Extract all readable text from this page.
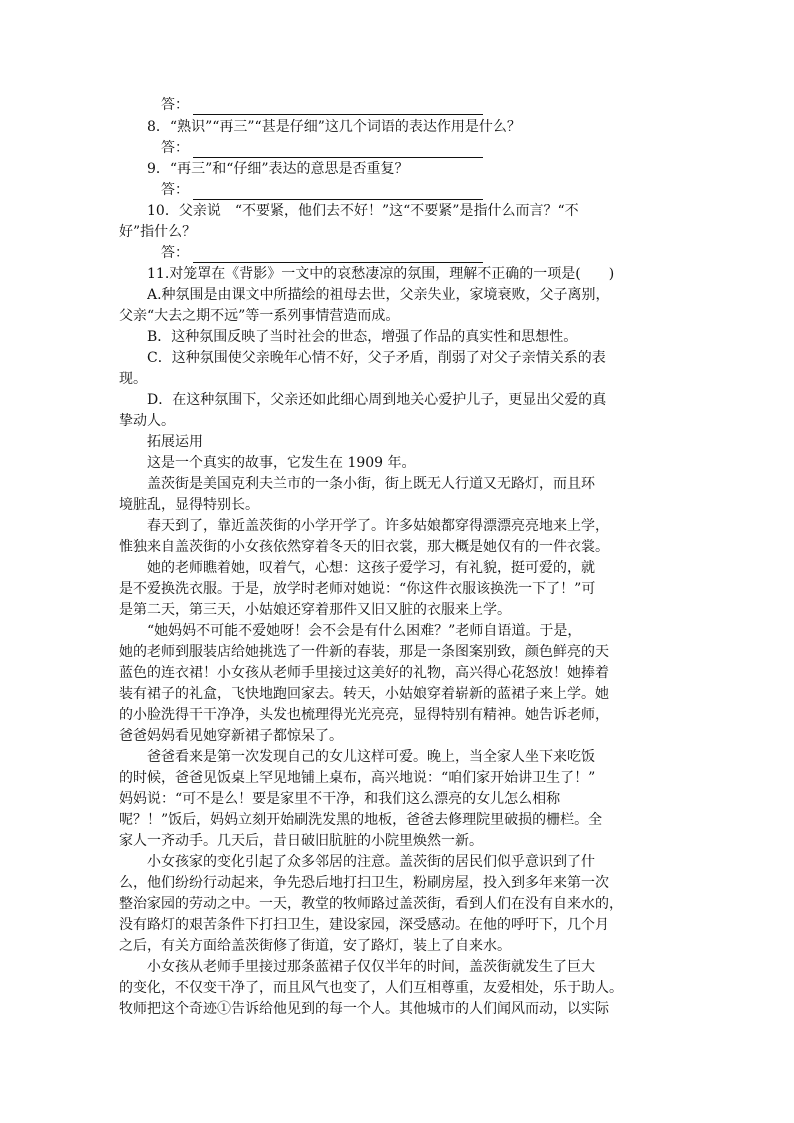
答：
8．“熟识”“再三”“甚是仔细”这几个词语的表达作用是什么？
答：
9．“再三”和“仔细”表达的意思是否重复？
答：
10．父亲说　“不要紧，他们去不好！”这“不要紧”是指什么而言？“不
好”指什么？
答：
11.对笼罩在《背影》一文中的哀愁凄凉的氛围，理解不正确的一项是(　　)
A.种氛围是由课文中所描绘的祖母去世，父亲失业，家境衰败，父子离别，
父亲“大去之期不远”等一系列事情营造而成。
B．这种氛围反映了当时社会的世态，增强了作品的真实性和思想性。
C．这种氛围使父亲晚年心情不好，父子矛盾，削弱了对父子亲情关系的表
现。
D．在这种氛围下，父亲还如此细心周到地关心爱护儿子，更显出父爱的真
挚动人。
拓展运用
这是一个真实的故事，它发生在 1909 年。
盖茨街是美国克利夫兰市的一条小街，街上既无人行道又无路灯，而且环
境脏乱，显得特别长。
春天到了，靠近盖茨街的小学开学了。许多姑娘都穿得漂漂亮亮地来上学，
惟独来自盖茨街的小女孩依然穿着冬天的旧衣裳，那大概是她仅有的一件衣裳。
她的老师瞧着她，叹着气，心想：这孩子爱学习，有礼貌，挺可爱的，就
是不爱换洗衣服。于是，放学时老师对她说：“你这件衣服该换洗一下了！”可
是第二天，第三天，小姑娘还穿着那件又旧又脏的衣服来上学。
“她妈妈不可能不爱她呀！会不会是有什么困难？”老师自语道。于是，
她的老师到服装店给她挑选了一件新的春装，那是一条图案别致，颜色鲜亮的天
蓝色的连衣裙！小女孩从老师手里接过这美好的礼物，高兴得心花怒放！她捧着
装有裙子的礼盒，飞快地跑回家去。转天，小姑娘穿着崭新的蓝裙子来上学。她
的小脸洗得干干净净，头发也梳理得光光亮亮，显得特别有精神。她告诉老师，
爸爸妈妈看见她穿新裙子都惊呆了。
爸爸看来是第一次发现自己的女儿这样可爱。晚上，当全家人坐下来吃饭
的时候，爸爸见饭桌上罕见地铺上桌布，高兴地说：“咱们家开始讲卫生了！”
妈妈说：“可不是么！要是家里不干净，和我们这么漂亮的女儿怎么相称
呢？！”饭后，妈妈立刻开始刷洗发黑的地板，爸爸去修理院里破损的栅栏。全
家人一齐动手。几天后，昔日破旧肮脏的小院里焕然一新。
小女孩家的变化引起了众多邻居的注意。盖茨街的居民们似乎意识到了什
么，他们纷纷行动起来，争先恐后地打扫卫生，粉刷房屋，投入到多年来第一次
整治家园的劳动之中。一天，教堂的牧师路过盖茨街，看到人们在没有自来水的，
没有路灯的艰苦条件下打扫卫生，建设家园，深受感动。在他的呼吁下，几个月
之后，有关方面给盖茨街修了街道，安了路灯，装上了自来水。
小女孩从老师手里接过那条蓝裙子仅仅半年的时间，盖茨街就发生了巨大
的变化，不仅变干净了，而且风气也变了，人们互相尊重，友爱相处，乐于助人。
牧师把这个奇迹①告诉给他见到的每一个人。其他城市的人们闻风而动，以实际
